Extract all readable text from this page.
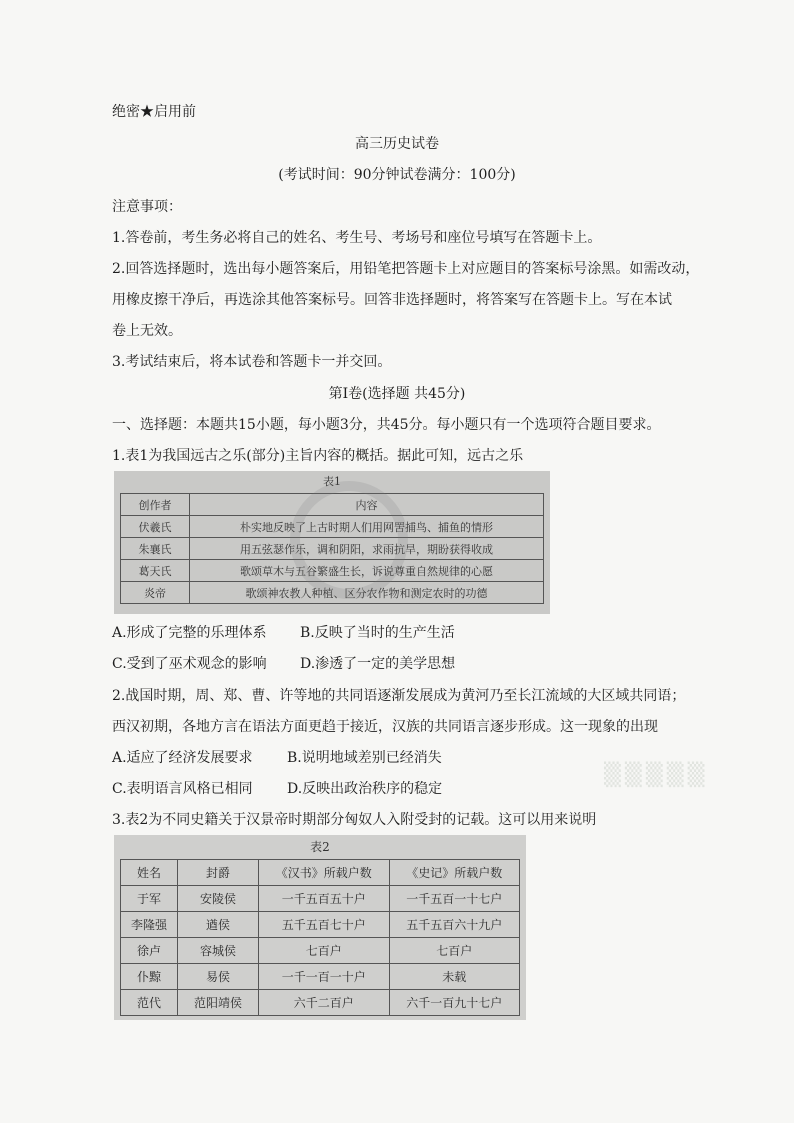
绝密★启用前
高三历史试卷
(考试时间：90分钟试卷满分：100分)
注意事项：
1.答卷前，考生务必将自己的姓名、考生号、考场号和座位号填写在答题卡上。
2.回答选择题时，选出每小题答案后，用铅笔把答题卡上对应题目的答案标号涂黑。如需改动，
用橡皮擦干净后，再选涂其他答案标号。回答非选择题时，将答案写在答题卡上。写在本试
卷上无效。
3.考试结束后，将本试卷和答题卡一并交回。
第Ⅰ卷(选择题 共45分)
一、选择题：本题共15小题，每小题3分，共45分。每小题只有一个选项符合题目要求。
1.表1为我国远古之乐(部分)主旨内容的概括。据此可知，远古之乐
表1
创作者	内容
伏羲氏	朴实地反映了上古时期人们用网罟捕鸟、捕鱼的情形
朱襄氏	用五弦瑟作乐，调和阴阳，求雨抗旱，期盼获得收成
葛天氏	歌颂草木与五谷繁盛生长，诉说尊重自然规律的心愿
炎帝	歌颂神农教人种植、区分农作物和测定农时的功德
A.形成了完整的乐理体系 B.反映了当时的生产生活
C.受到了巫术观念的影响 D.渗透了一定的美学思想
2.战国时期，周、郑、曹、许等地的共同语逐渐发展成为黄河乃至长江流域的大区域共同语；
西汉初期，各地方言在语法方面更趋于接近，汉族的共同语言逐步形成。这一现象的出现
A.适应了经济发展要求 B.说明地域差别已经消失
C.表明语言风格已相同 D.反映出政治秩序的稳定
▒▒▒▒▒
3.表2为不同史籍关于汉景帝时期部分匈奴人入附受封的记载。这可以用来说明
表2
姓名	封爵	《汉书》所载户数	《史记》所载户数
于军	安陵侯	一千五百五十户	一千五百一十七户
李隆强	遒侯	五千五百七十户	五千五百六十九户
徐卢	容城侯	七百户	七百户
仆黥	易侯	一千一百一十户	未载
范代	范阳靖侯	六千二百户	六千一百九十七户
